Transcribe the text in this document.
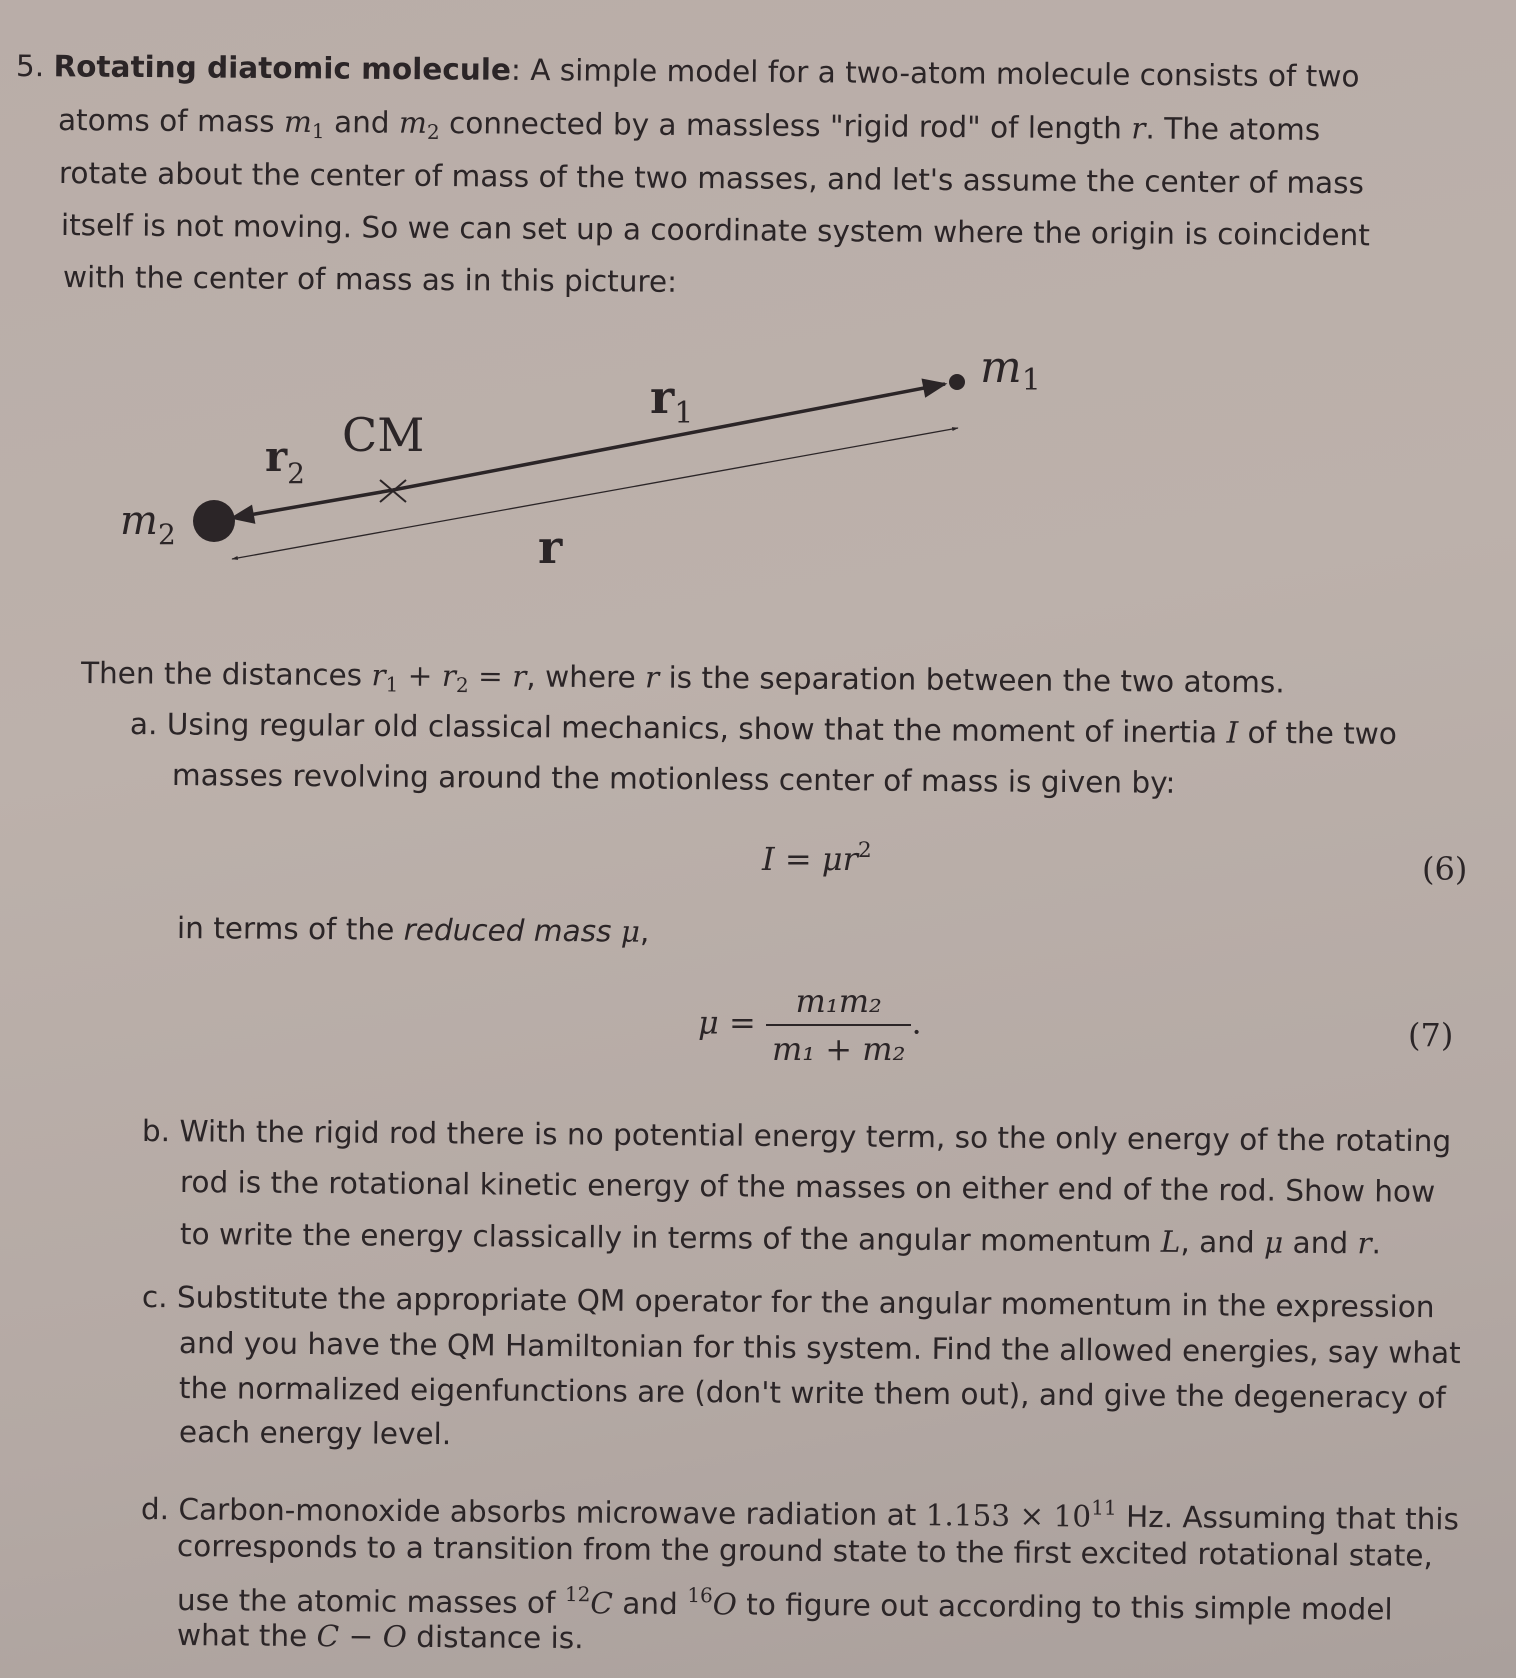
5. Rotating diatomic molecule: A simple model for a two-atom molecule consists of two
atoms of mass $m_1$ and $m_2$ connected by a massless "rigid rod" of length r. The atoms
rotate about the center of mass of the two masses, and let's assume the center of mass
itself is not moving. So we can set up a coordinate system where the origin is coincident
with the center of mass as in this picture:
Then the distances $r_1 + r_2 = r$, where r is the separation between the two atoms.
a. Using regular old classical mechanics, show that the moment of inertia I of the two
masses revolving around the motionless center of mass is given by:
in terms of the reduced mass μ,
b. With the rigid rod there is no potential energy term, so the only energy of the rotating
rod is the rotational kinetic energy of the masses on either end of the rod. Show how
to write the energy classically in terms of the angular momentum L, and μ and r.
c. Substitute the appropriate QM operator for the angular momentum in the expression
and you have the QM Hamiltonian for this system. Find the allowed energies, say what
the normalized eigenfunctions are (don't write them out), and give the degeneracy of
each energy level.
d. Carbon-monoxide absorbs microwave radiation at $1.153 \times 10^{11}$ Hz. Assuming that this
corresponds to a transition from the ground state to the first excited rotational state,
use the atomic masses of $^{12}$C and $^{16}$O to figure out according to this simple model
what the C − O distance is.
m1
$m_2$
$r_1$
$r_2$
CM
r
$I = \mu r^2$	(6)
$\mu = \frac{\text{m₁m₂}}{\text{m₁ + m₂}}$ .	(7)
